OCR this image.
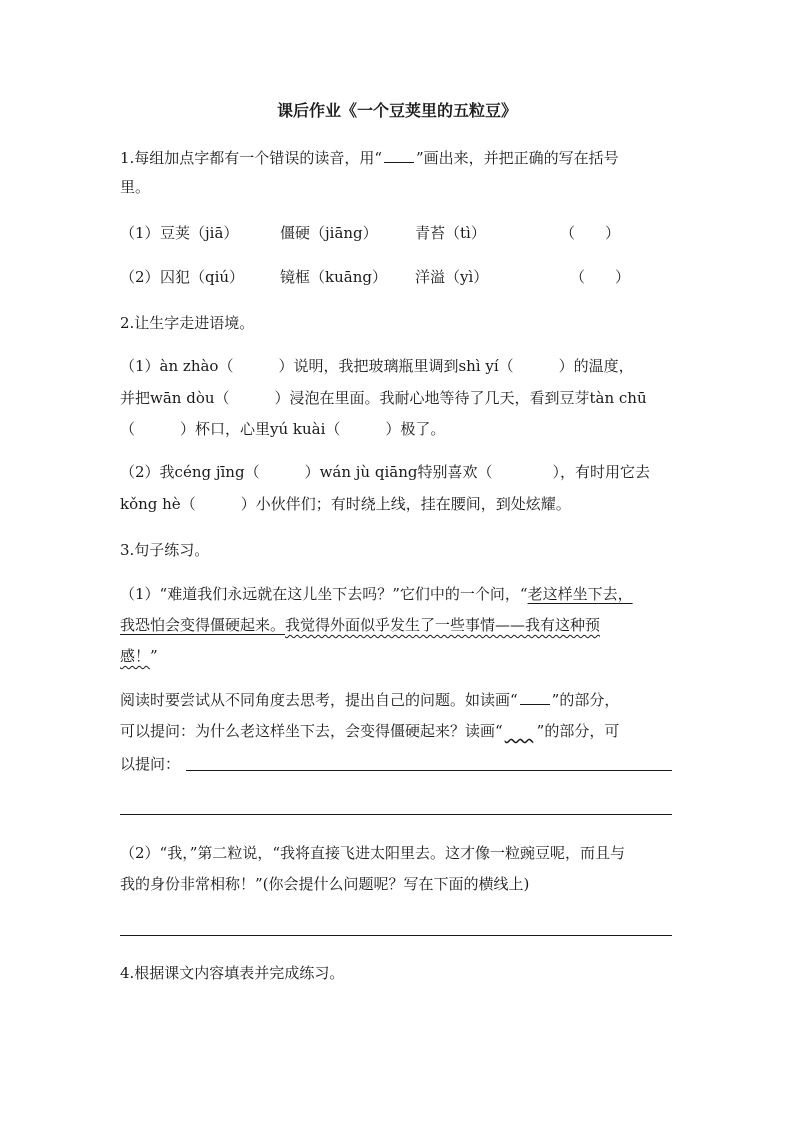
课后作业《一个豆荚里的五粒豆》
1.每组加点字都有一个错误的读音，用“ ”画出来，并把正确的写在括号
里。
（1） 豆荚（jiā）	僵硬（jiāng） 青苔（tì）	（　　）
（2） 囚犯（qiú） 镜框（kuāng） 洋溢（yì）	（　　）
2.让生字走进语境。
（1）àn zhào（　　　）说明，我把玻璃瓶里调到shì yí（　　　）的温度，
并把wān dòu（　　　）浸泡在里面。我耐心地等待了几天，看到豆芽tàn chū
（　　　）杯口，心里yú kuài（　　　）极了。
（2）我céng jīng（　　　）wán jù qiāng特别喜欢（　　　　），有时用它去
kǒng hè（　　　）小伙伴们；有时绕上线，挂在腰间，到处炫耀。
3.句子练习。
（1）“难道我们永远就在这儿坐下去吗？”它们中的一个问，“老这样坐下去，
我恐怕会变得僵硬起来。我觉得外面似乎发生了一些事情——我有这种预
感！”
阅读时要尝试从不同角度去思考，提出自己的问题。如读画“ ”的部分，
可以提问：为什么老这样坐下去，会变得僵硬起来？读画“ ​      ”的部分，可
以提问：
（2）“我，”第二粒说，“我将直接飞进太阳里去。这才像一粒豌豆呢，而且与
我的身份非常相称！”(你会提什么问题呢？写在下面的横线上)
4.根据课文内容填表并完成练习。
